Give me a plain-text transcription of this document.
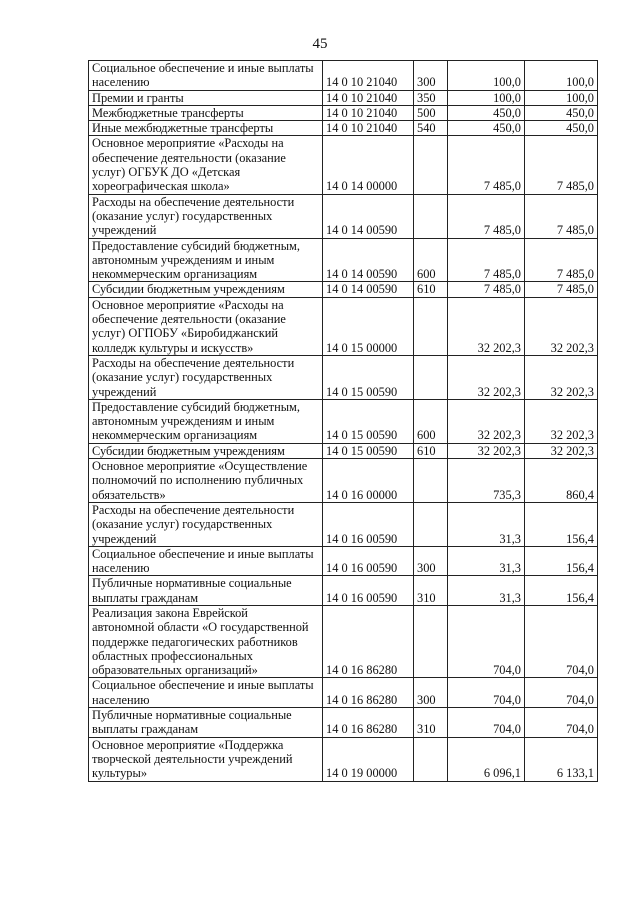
45
Социальное обеспечение и иные выплаты
населению	14 0 10 21040	300	100,0	100,0

Премии и гранты	14 0 10 21040	350	100,0	100,0

Межбюджетные трансферты	14 0 10 21040	500	450,0	450,0

Иные межбюджетные трансферты	14 0 10 21040	540	450,0	450,0

Основное мероприятие «Расходы на
обеспечение деятельности (оказание
услуг) ОГБУК ДО «Детская
хореографическая школа»	14 0 14 00000		7 485,0	7 485,0

Расходы на обеспечение деятельности
(оказание услуг) государственных
учреждений	14 0 14 00590		7 485,0	7 485,0

Предоставление субсидий бюджетным,
автономным учреждениям и иным
некоммерческим организациям	14 0 14 00590	600	7 485,0	7 485,0

Субсидии бюджетным учреждениям	14 0 14 00590	610	7 485,0	7 485,0

Основное мероприятие «Расходы на
обеспечение деятельности (оказание
услуг) ОГПОБУ «Биробиджанский
колледж культуры и искусств»	14 0 15 00000		32 202,3	32 202,3

Расходы на обеспечение деятельности
(оказание услуг) государственных
учреждений	14 0 15 00590		32 202,3	32 202,3

Предоставление субсидий бюджетным,
автономным учреждениям и иным
некоммерческим организациям	14 0 15 00590	600	32 202,3	32 202,3

Субсидии бюджетным учреждениям	14 0 15 00590	610	32 202,3	32 202,3

Основное мероприятие «Осуществление
полномочий по исполнению публичных
обязательств»	14 0 16 00000		735,3	860,4

Расходы на обеспечение деятельности
(оказание услуг) государственных
учреждений	14 0 16 00590		31,3	156,4

Социальное обеспечение и иные выплаты
населению	14 0 16 00590	300	31,3	156,4

Публичные нормативные социальные
выплаты гражданам	14 0 16 00590	310	31,3	156,4

Реализация закона Еврейской
автономной области «О государственной
поддержке педагогических работников
областных профессиональных
образовательных организаций»	14 0 16 86280		704,0	704,0

Социальное обеспечение и иные выплаты
населению	14 0 16 86280	300	704,0	704,0

Публичные нормативные социальные
выплаты гражданам	14 0 16 86280	310	704,0	704,0

Основное мероприятие «Поддержка
творческой деятельности учреждений
культуры»	14 0 19 00000		6 096,1	6 133,1
